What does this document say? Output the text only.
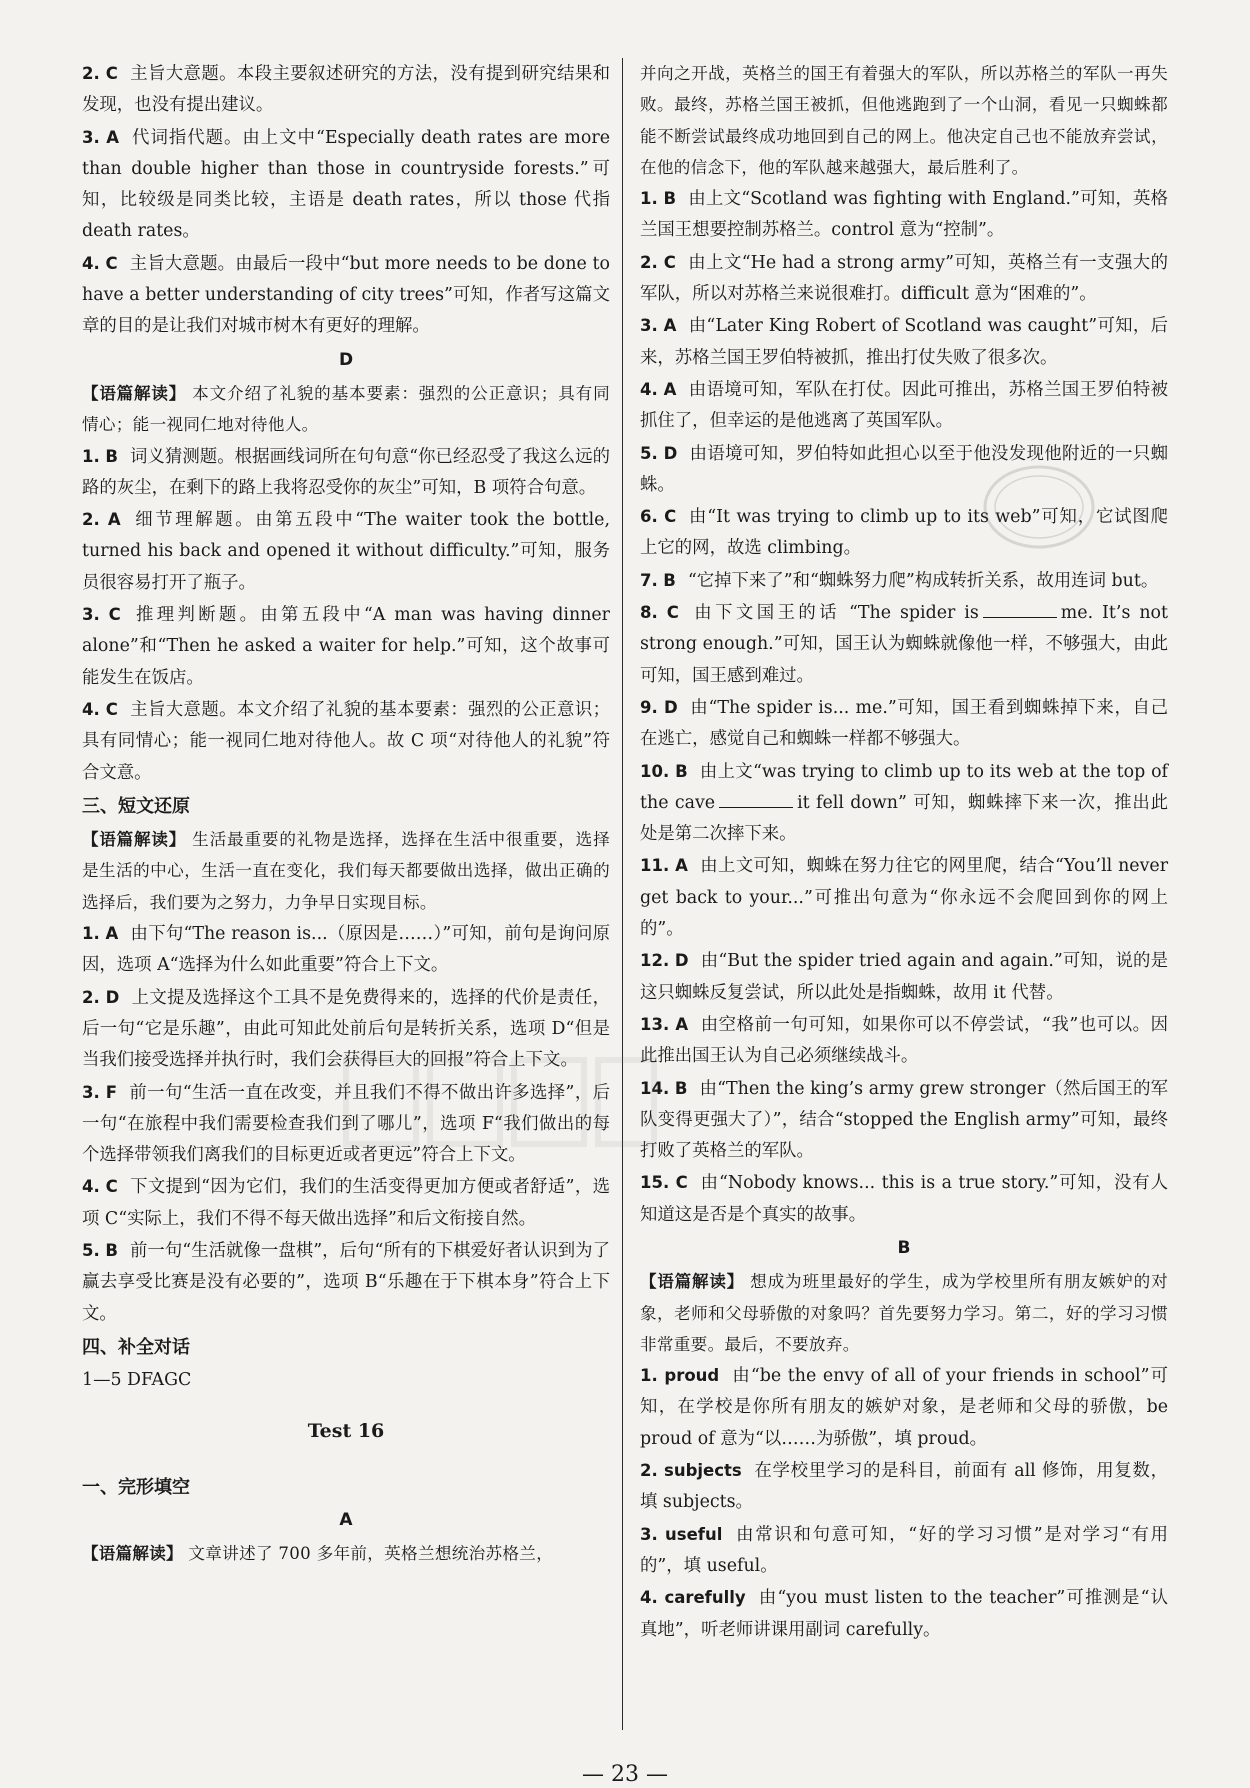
2. C 主旨大意题。本段主要叙述研究的方法，没有提到研究结果和发现，也没有提出建议。

3. A 代词指代题。由上文中“Especially death rates are more than double higher than those in countryside forests.”可知，比较级是同类比较，主语是 death rates，所以 those 代指 death rates。

4. C 主旨大意题。由最后一段中“but more needs to be done to have a better understanding of city trees”可知，作者写这篇文章的目的是让我们对城市树木有更好的理解。

D

【语篇解读】 本文介绍了礼貌的基本要素：强烈的公正意识；具有同情心；能一视同仁地对待他人。

1. B 词义猜测题。根据画线词所在句句意“你已经忍受了我这么远的路的灰尘，在剩下的路上我将忍受你的灰尘”可知，B 项符合句意。

2. A 细节理解题。由第五段中“The waiter took the bottle, turned his back and opened it without difficulty.”可知，服务员很容易打开了瓶子。

3. C 推理判断题。由第五段中“A man was having dinner alone”和“Then he asked a waiter for help.”可知，这个故事可能发生在饭店。

4. C 主旨大意题。本文介绍了礼貌的基本要素：强烈的公正意识；具有同情心；能一视同仁地对待他人。故 C 项“对待他人的礼貌”符合文意。

三、短文还原

【语篇解读】 生活最重要的礼物是选择，选择在生活中很重要，选择是生活的中心，生活一直在变化，我们每天都要做出选择，做出正确的选择后，我们要为之努力，力争早日实现目标。

1. A 由下句“The reason is...（原因是……）”可知，前句是询问原因，选项 A“选择为什么如此重要”符合上下文。

2. D 上文提及选择这个工具不是免费得来的，选择的代价是责任，后一句“它是乐趣”，由此可知此处前后句是转折关系，选项 D“但是当我们接受选择并执行时，我们会获得巨大的回报”符合上下文。

3. F 前一句“生活一直在改变，并且我们不得不做出许多选择”，后一句“在旅程中我们需要检查我们到了哪儿”，选项 F“我们做出的每个选择带领我们离我们的目标更近或者更远”符合上下文。

4. C 下文提到“因为它们，我们的生活变得更加方便或者舒适”，选项 C“实际上，我们不得不每天做出选择”和后文衔接自然。

5. B 前一句“生活就像一盘棋”，后句“所有的下棋爱好者认识到为了赢去享受比赛是没有必要的”，选项 B“乐趣在于下棋本身”符合上下文。

四、补全对话

1—5 DFAGC

Test 16

一、完形填空

A

【语篇解读】 文章讲述了 700 多年前，英格兰想统治苏格兰，

并向之开战，英格兰的国王有着强大的军队，所以苏格兰的军队一再失败。最终，苏格兰国王被抓，但他逃跑到了一个山洞，看见一只蜘蛛都能不断尝试最终成功地回到自己的网上。他决定自己也不能放弃尝试，在他的信念下，他的军队越来越强大，最后胜利了。

1. B 由上文“Scotland was fighting with England.”可知，英格兰国王想要控制苏格兰。control 意为“控制”。

2. C 由上文“He had a strong army”可知，英格兰有一支强大的军队，所以对苏格兰来说很难打。difficult 意为“困难的”。

3. A 由“Later King Robert of Scotland was caught”可知，后来，苏格兰国王罗伯特被抓，推出打仗失败了很多次。

4. A 由语境可知，军队在打仗。因此可推出，苏格兰国王罗伯特被抓住了，但幸运的是他逃离了英国军队。

5. D 由语境可知，罗伯特如此担心以至于他没发现他附近的一只蜘蛛。

6. C 由“It was trying to climb up to its web”可知，它试图爬上它的网，故选 climbing。

7. B “它掉下来了”和“蜘蛛努力爬”构成转折关系，故用连词 but。

8. C 由下文国王的话 “The spider is	me. It’s not strong enough.”可知，国王认为蜘蛛就像他一样，不够强大，由此可知，国王感到难过。

9. D 由“The spider is... me.”可知，国王看到蜘蛛掉下来，自己在逃亡，感觉自己和蜘蛛一样都不够强大。

10. B 由上文“was trying to climb up to its web at the top of the cave	it fell down” 可知，蜘蛛摔下来一次，推出此处是第二次摔下来。

11. A 由上文可知，蜘蛛在努力往它的网里爬，结合“You’ll never get back to your...”可推出句意为“你永远不会爬回到你的网上的”。

12. D 由“But the spider tried again and again.”可知，说的是这只蜘蛛反复尝试，所以此处是指蜘蛛，故用 it 代替。

13. A 由空格前一句可知，如果你可以不停尝试，“我”也可以。因此推出国王认为自己必须继续战斗。

14. B 由“Then the king’s army grew stronger（然后国王的军队变得更强大了）”，结合“stopped the English army”可知，最终打败了英格兰的军队。

15. C 由“Nobody knows... this is a true story.”可知，没有人知道这是否是个真实的故事。

B

【语篇解读】 想成为班里最好的学生，成为学校里所有朋友嫉妒的对象，老师和父母骄傲的对象吗？首先要努力学习。第二，好的学习习惯非常重要。最后，不要放弃。

1. proud 由“be the envy of all of your friends in school”可知，在学校是你所有朋友的嫉妒对象，是老师和父母的骄傲，be proud of 意为“以……为骄傲”，填 proud。

2. subjects 在学校里学习的是科目，前面有 all 修饰，用复数，填 subjects。

3. useful 由常识和句意可知，“好的学习习惯”是对学习“有用的”，填 useful。

4. carefully 由“you must listen to the teacher”可推测是“认真地”，听老师讲课用副词 carefully。

— 23 —
